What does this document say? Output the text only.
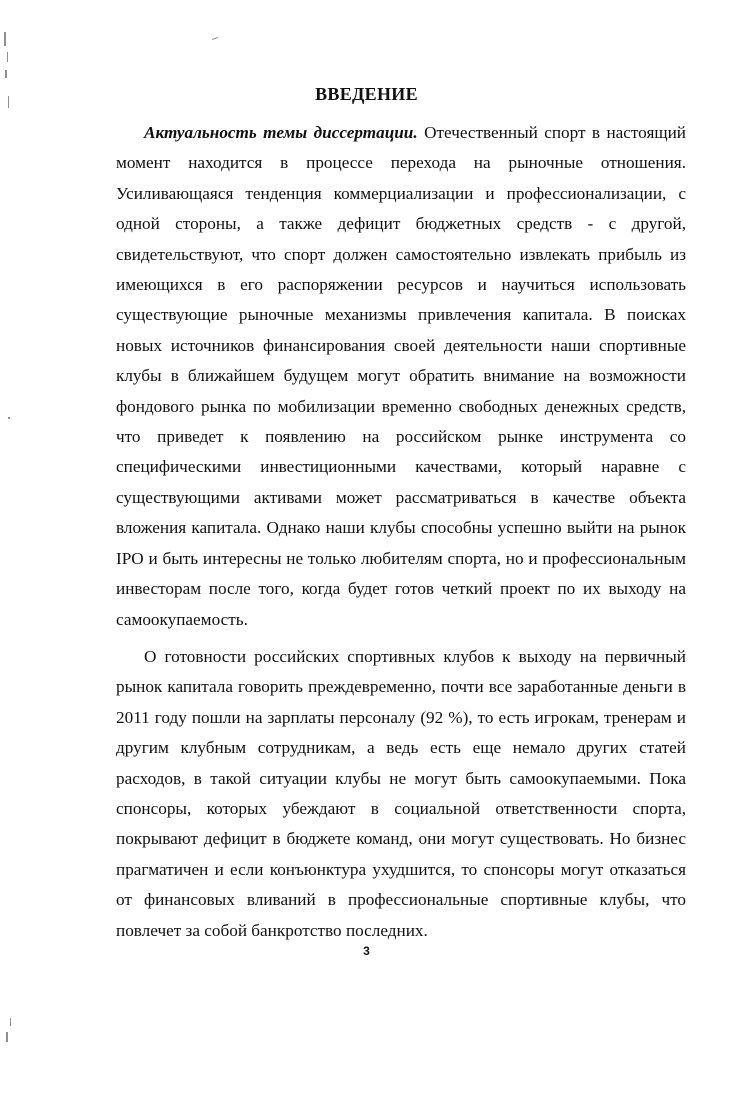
ВВЕДЕНИЕ

Актуальность темы диссертации. Отечественный спорт в настоящий момент находится в процессе перехода на рыночные отношения. Усиливающаяся тенденция коммерциализации и профессионализации, с одной стороны, а также дефицит бюджетных средств - с другой, свидетельствуют, что спорт должен самостоятельно извлекать прибыль из имеющихся в его распоряжении ресурсов и научиться использовать существующие рыночные механизмы привлечения капитала. В поисках новых источников финансирования своей деятельности наши спортивные клубы в ближайшем будущем могут обратить внимание на возможности фондового рынка по мобилизации временно свободных денежных средств, что приведет к появлению на российском рынке инструмента со специфическими инвестиционными качествами, который наравне с существующими активами может рассматриваться в качестве объекта вложения капитала. Однако наши клубы способны успешно выйти на рынок IPO и быть интересны не только любителям спорта, но и профессиональным инвесторам после того, когда будет готов четкий проект по их выходу на самоокупаемость.

О готовности российских спортивных клубов к выходу на первичный рынок капитала говорить преждевременно, почти все заработанные деньги в 2011 году пошли на зарплаты персоналу (92 %), то есть игрокам, тренерам и другим клубным сотрудникам, а ведь есть еще немало других статей расходов, в такой ситуации клубы не могут быть самоокупаемыми. Пока спонсоры, которых убеждают в социальной ответственности спорта, покрывают дефицит в бюджете команд, они могут существовать. Но бизнес прагматичен и если конъюнктура ухудшится, то спонсоры могут отказаться от финансовых вливаний в профессиональные спортивные клубы, что повлечет за собой банкротство последних.

3
